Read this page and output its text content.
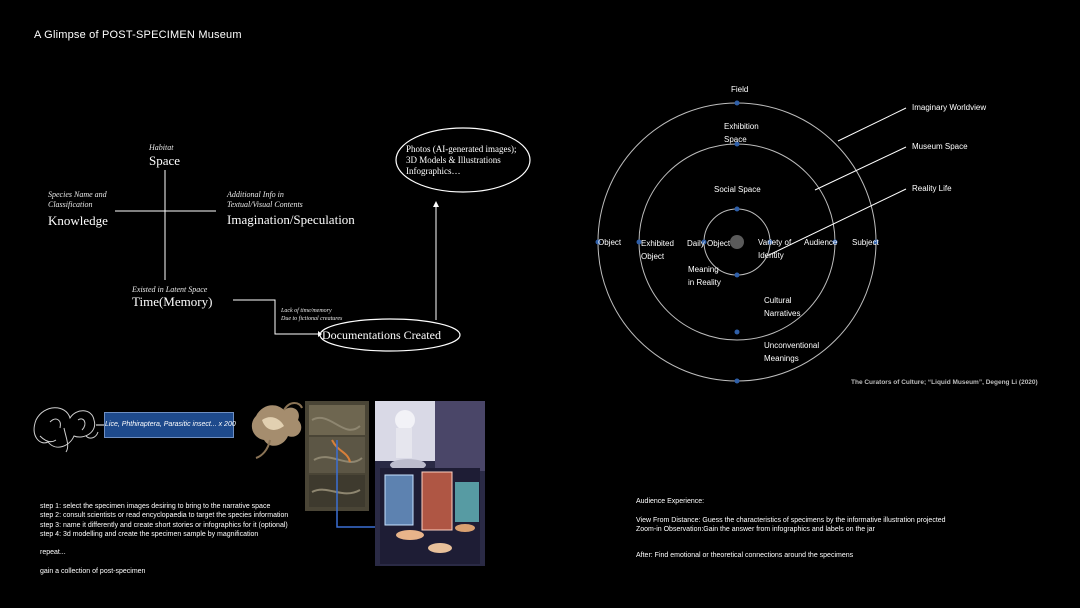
A Glimpse of POST-SPECIMEN Museum
Habitat
Space
Species Name and
Classification
Knowledge
Additional Info in
Textual/Visual Contents
Imagination/Speculation
Existed in Latent Space
Time(Memory)
Lack of time/memory
Due to fictional creatures
Documentations Created
Photos (AI-generated images);
3D Models & Illustrations
Infographics…
Field
Exhibition
Space
Social Space
Object Exhibited
Object
Daily Object	Variety of
Identity
Audience Subject
Meaning
in Reality
Cultural
Narratives
Unconventional
Meanings
Imaginary Worldview
Museum Space
Reality Life
The Curators of Culture; “Liquid Museum”, Degeng Li (2020)
Lice, Phthiraptera, Parasitic insect... x 200
step 1: select the specimen images desiring to bring to the narrative space
step 2: consult scientists or read encyclopaedia to target the species information
step 3: name it differently and create short stories or infographics for it (optional)
step 4: 3d modelling and create the specimen sample by magnification

repeat...

gain a collection of post-specimen
Audience Experience:
View From Distance: Guess the characteristics of specimens by the informative illustration projected
Zoom-in Observation:Gain the answer from infographics and labels on the jar
After: Find emotional or theoretical connections around the specimens
